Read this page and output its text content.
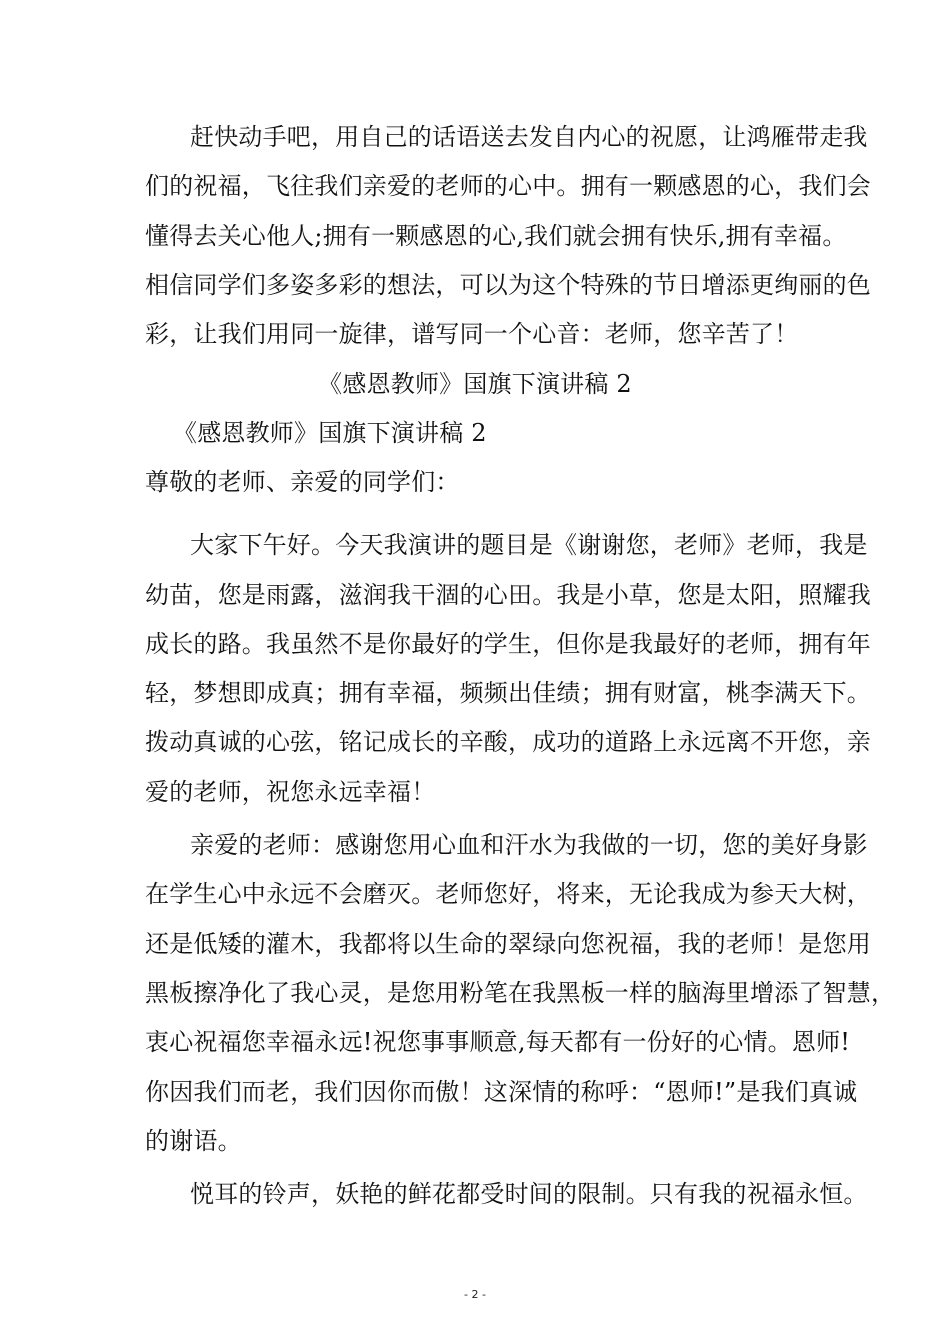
赶快动手吧，用自己的话语送去发自内心的祝愿，让鸿雁带走我
们的祝福，飞往我们亲爱的老师的心中。拥有一颗感恩的心，我们会
懂得去关心他人;拥有一颗感恩的心,我们就会拥有快乐,拥有幸福。
相信同学们多姿多彩的想法，可以为这个特殊的节日增添更绚丽的色
彩，让我们用同一旋律，谱写同一个心音：老师，您辛苦了！
《感恩教师》国旗下演讲稿 2
《感恩教师》国旗下演讲稿 2
尊敬的老师、亲爱的同学们：
大家下午好。今天我演讲的题目是《谢谢您，老师》老师，我是
幼苗，您是雨露，滋润我干涸的心田。我是小草，您是太阳，照耀我
成长的路。我虽然不是你最好的学生，但你是我最好的老师，拥有年
轻，梦想即成真；拥有幸福，频频出佳绩；拥有财富，桃李满天下。
拨动真诚的心弦，铭记成长的辛酸，成功的道路上永远离不开您，亲
爱的老师，祝您永远幸福！
亲爱的老师：感谢您用心血和汗水为我做的一切，您的美好身影
在学生心中永远不会磨灭。老师您好，将来，无论我成为参天大树，
还是低矮的灌木，我都将以生命的翠绿向您祝福，我的老师！是您用
黑板擦净化了我心灵，是您用粉笔在我黑板一样的脑海里增添了智慧，
衷心祝福您幸福永远!祝您事事顺意,每天都有一份好的心情。恩师!
你因我们而老，我们因你而傲！这深情的称呼：“恩师!”是我们真诚
的谢语。
悦耳的铃声，妖艳的鲜花都受时间的限制。只有我的祝福永恒。
- 2 -
